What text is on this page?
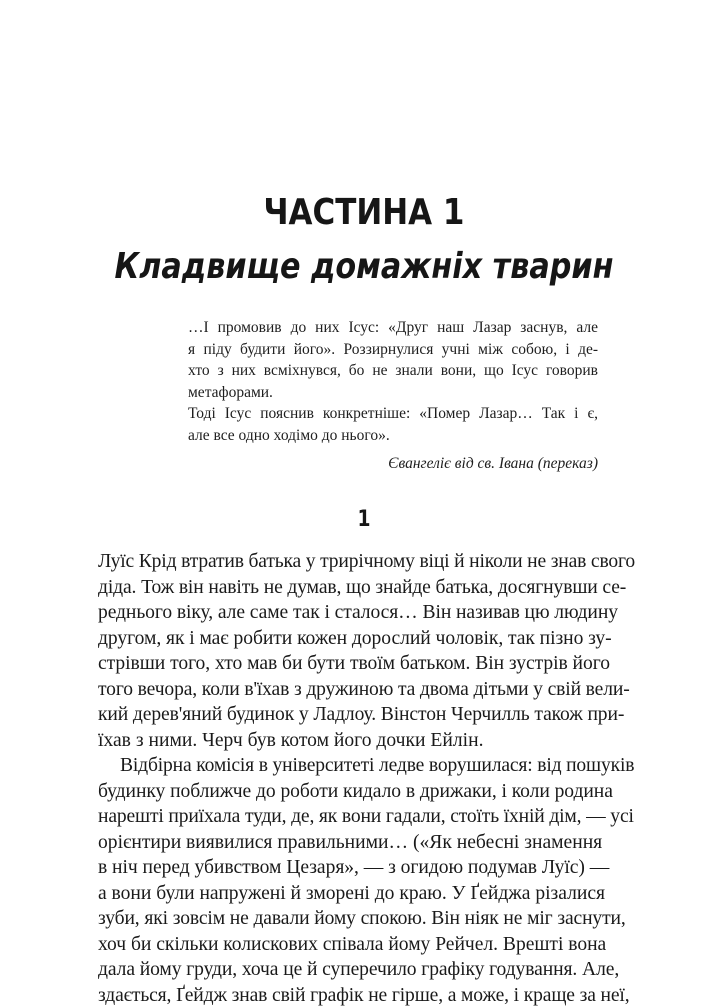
ЧАСТИНА 1
Кладвище домажніх тварин
…І промовив до них Ісус: «Друг наш Лазар заснув, але
я піду будити його». Роззирнулися учні між собою, і де-
хто з них всміхнувся, бо не знали вони, що Ісус говорив
метафорами.
Тоді Ісус пояснив конкретніше: «Помер Лазар… Так і є,
але все одно ходімо до нього».
Євангеліє від св. Івана (переказ)
1
Луїс Крід втратив батька у трирічному віці й ніколи не знав свого
діда. Тож він навіть не думав, що знайде батька, досягнувши се-
реднього віку, але саме так і сталося… Він називав цю людину
другом, як і має робити кожен дорослий чоловік, так пізно зу-
стрівши того, хто мав би бути твоїм батьком. Він зустрів його
того вечора, коли в'їхав з дружиною та двома дітьми у свій вели-
кий дерев'яний будинок у Ладлоу. Вінстон Черчилль також при-
їхав з ними. Черч був котом його дочки Ейлін.
Відбірна комісія в університеті ледве ворушилася: від пошуків
будинку поближче до роботи кидало в дрижаки, і коли родина
нарешті приїхала туди, де, як вони гадали, стоїть їхній дім, — усі
орієнтири виявилися правильними… («Як небесні знамення
в ніч перед убивством Цезаря», — з огидою подумав Луїс) —
а вони були напружені й зморені до краю. У Ґейджа різалися
зуби, які зовсім не давали йому спокою. Він ніяк не міг заснути,
хоч би скільки колискових співала йому Рейчел. Врешті вона
дала йому груди, хоча це й суперечило графіку годування. Але,
здається, Ґейдж знав свій графік не гірше, а може, і краще за неї,
